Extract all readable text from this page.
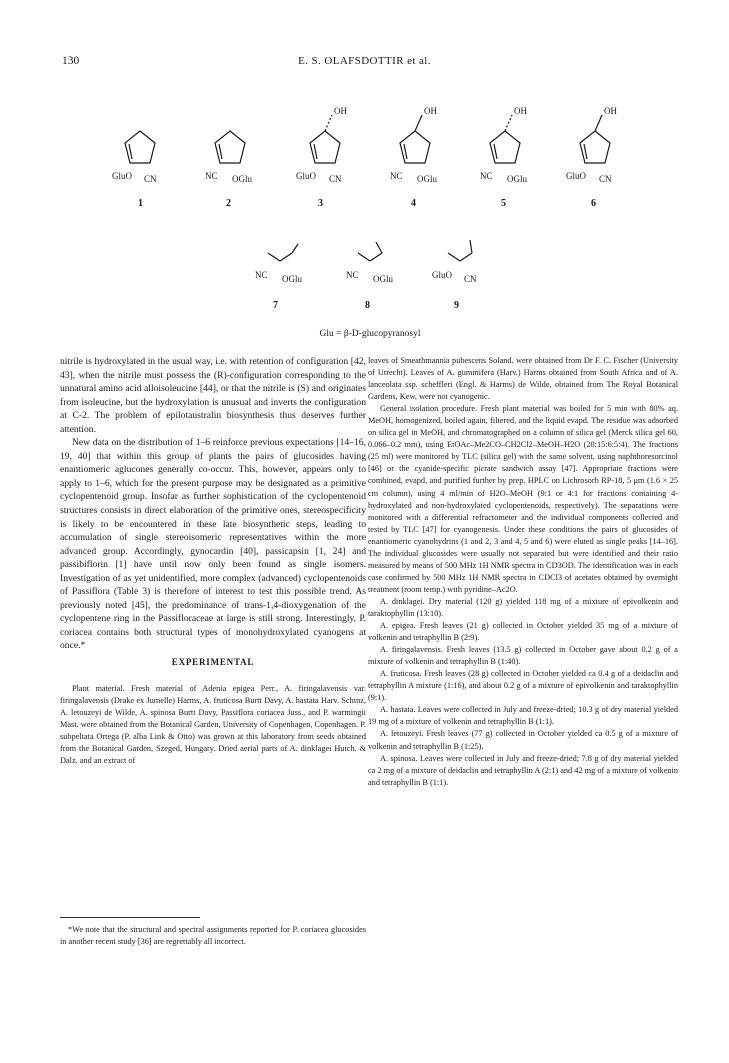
130	E. S. OLAFSDOTTIR et al.
GluO CN	NC OGlu	GluO CN
OH
NC OGlu
OH
NC OGlu
OH
GluO CN
OH
NC OGlu	NC OGlu	GluO CN
1	2	3	4	5	6
7	8	9
Glu = β-D-glucopyranosyl

nitrile is hydroxylated in the usual way, i.e. with retention of configuration [42, 43], when the nitrile must possess the (R)-configuration corresponding to the unnatural amino acid alloisoleucine [44], or that the nitrile is (S) and originates from isoleucine, but the hydroxylation is unusual and inverts the configuration at C-2. The problem of epilotaustralin biosynthesis thus deserves further attention.

New data on the distribution of 1–6 reinforce previous expectations [14–16, 19, 40] that within this group of plants the pairs of glucosides having enantiomeric aglucones generally co-occur. This, however, appears only to apply to 1–6, which for the present purpose may be designated as a primitive cyclopentenoid group. Insofar as further sophistication of the cyclopentenoid structures consists in direct elaboration of the primitive ones, stereospecificity is likely to be encountered in these late biosynthetic steps, leading to accumulation of single stereoisomeric representatives within the more advanced group. Accordingly, gynocardin [40], passicapsin [1, 24] and passibiflorin [1] have until now only been found as single isomers. Investigation of as yet unidentified, more complex (advanced) cyclopentenoids of Passiflora (Table 3) is therefore of interest to test this possible trend. As previously noted [45], the predominance of trans-1,4-dioxygenation of the cyclopentene ring in the Passifloraceae at large is still strong. Interestingly, P. coriacea contains both structural types of monohydroxylated cyanogens at once.*

EXPERIMENTAL

Plant material. Fresh material of Adenia epigea Perr., A. firingalavensis var. firingalavensis (Drake ex Jumelle) Harms, A. fruticosa Burtt Davy, A. hastata Harv. Schinz, A. letouzeyi de Wilde, A. spinosa Burtt Davy, Passiflora coriacea Juss., and P. warmingii Mast. were obtained from the Botanical Garden, University of Copenhagen, Copenhagen. P. subpeltata Ortega (P. alba Link & Otto) was grown at this laboratory from seeds obtained from the Botanical Garden, Szeged, Hungary. Dried aerial parts of A. dinklagei Hutch. & Dalz. and an extract of

*We note that the structural and spectral assignments reported for P. coriacea glucosides in another recent study [36] are regrettably all incorrect.

leaves of Smeathmannia pubescens Soland. were obtained from Dr F. C. Fischer (University of Utrecht). Leaves of A. gummifera (Harv.) Harms obtained from South Africa and of A. lanceolata ssp. scheffleri (Engl. & Harms) de Wilde, obtained from The Royal Botanical Gardens, Kew, were not cyanogenic.

General isolation procedure. Fresh plant material was boiled for 5 min with 80% aq. MeOH, homogenized, boiled again, filtered, and the liquid evapd. The residue was adsorbed on silica gel in MeOH, and chromatographed on a column of silica gel (Merck silica gel 60, 0.066–0.2 mm), using EtOAc–Me2CO–CH2Cl2–MeOH–H2O (20:15:6:5:4). The fractions (25 ml) were monitored by TLC (silica gel) with the same solvent, using naphthoresorcinol [46] or the cyanide-specific picrate sandwich assay [47]. Appropriate fractions were combined, evapd, and purified further by prep. HPLC on Lichrosorb RP-18, 5 μm (1.6 × 25 cm column), using 4 ml/min of H2O–MeOH (9:1 or 4:1 for fractions containing 4-hydroxylated and non-hydroxylated cyclopentenoids, respectively). The separations were monitored with a differential refractometer and the individual components collected and tested by TLC [47] for cyanogenesis. Under these conditions the pairs of glucosides of enantiomeric cyanohydrins (1 and 2, 3 and 4, 5 and 6) were eluted as single peaks [14–16]. The individual glucosides were usually not separated but were identified and their ratio measured by means of 500 MHz 1H NMR spectra in CD3OD. The identification was in each case confirmed by 500 MHz 1H NMR spectra in CDCl3 of acetates obtained by overnight treatment (room temp.) with pyridine–Ac2O.

A. dinklagei. Dry material (120 g) yielded 118 mg of a mixture of epivolkenin and taraktophyllin (13:10).

A. epigea. Fresh leaves (21 g) collected in October yielded 35 mg of a mixture of volkenin and tetraphyllin B (2:9).

A. firingalavensis. Fresh leaves (13.5 g) collected in October gave about 0.2 g of a mixture of volkenin and tetraphyllin B (1:40).

A. fruticosa. Fresh leaves (28 g) collected in October yielded ca 0.4 g of a deidaclin and tetraphyllin A mixture (1:16), and about 0.2 g of a mixture of epivolkenin and taraktophyllin (9:1).

A. hastata. Leaves were collected in July and freeze-dried; 10.3 g of dry material yielded 19 mg of a mixture of volkenin and tetraphyllin B (1:1).

A. letouzeyi. Fresh leaves (77 g) collected in October yielded ca 0.5 g of a mixture of volkenin and tetraphyllin B (1:25).

A. spinosa. Leaves were collected in July and freeze-dried; 7.8 g of dry material yielded ca 2 mg of a mixture of deidaclin and tetraphyllin A (2:1) and 42 mg of a mixture of volkenin and tetraphyllin B (1:1).
